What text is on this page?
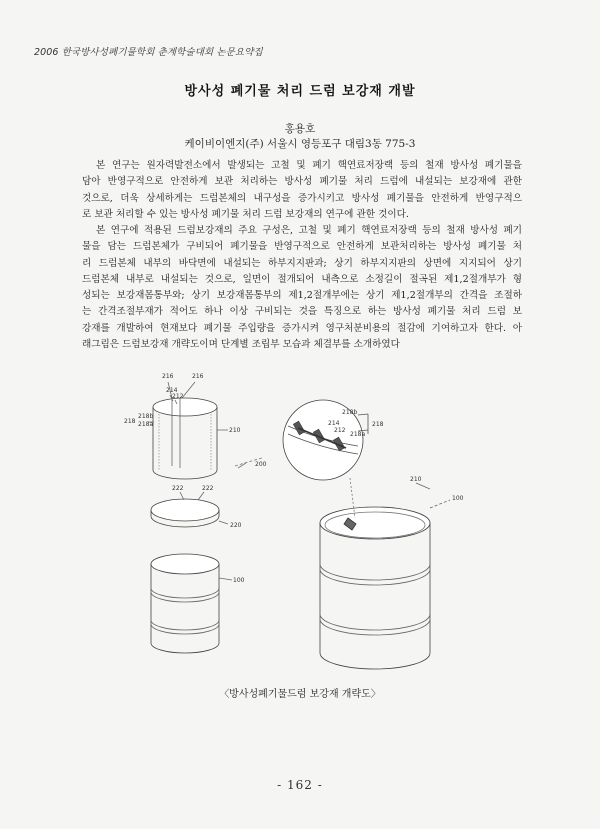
2006 한국방사성폐기물학회 춘계학술대회 논문요약집
방사성 폐기물 처리 드럼 보강재 개발
홍용호
케이비이엔지(주) 서울시 영등포구 대림3동 775-3
본 연구는 원자력발전소에서 발생되는 고철 및 폐기 핵연료저장랙 등의 철재 방사성 폐기물을
담아 반영구적으로 안전하게 보관 처리하는 방사성 폐기물 처리 드럼에 내설되는 보강재에 관한
것으로, 더욱 상세하게는 드럼본체의 내구성을 증가시키고 방사성 폐기물을 안전하게 반영구적으
로 보관 처리할 수 있는 방사성 폐기물 처리 드럼 보강재의 연구에 관한 것이다.
본 연구에 적용된 드럼보강재의 주요 구성은, 고철 및 폐기 핵연료저장랙 등의 철재 방사성 폐기
물을 담는 드럼본체가 구비되어 폐기물을 반영구적으로 안전하게 보관처리하는 방사성 폐기물 처
리 드럼본체 내부의 바닥면에 내설되는 하부지지판과; 상기 하부지지판의 상면에 지지되어 상기
드럼본체 내부로 내설되는 것으로, 일면이 절개되어 내측으로 소정길이 절곡된 제1,2절개부가 형
성되는 보강재몸통부와; 상기 보강재몸통부의 제1,2절개부에는 상기 제1,2절개부의 간격을 조절하
는 간격조절부재가 적어도 하나 이상 구비되는 것을 특징으로 하는 방사성 폐기물 처리 드럼 보
강재를 개발하여 현재보다 폐기물 주입량을 증가시켜 영구처분비용의 절감에 기여하고자 한다. 아
래그림은 드럼보강재 개략도이며 단계별 조립부 모습과 체결부를 소개하였다
216	216
214
212
218b
218 218a
210
200
222	222
220
100
218b
218
214
212
218a
210
100
〈방사성폐기물드럼 보강재 개략도〉
- 162 -
